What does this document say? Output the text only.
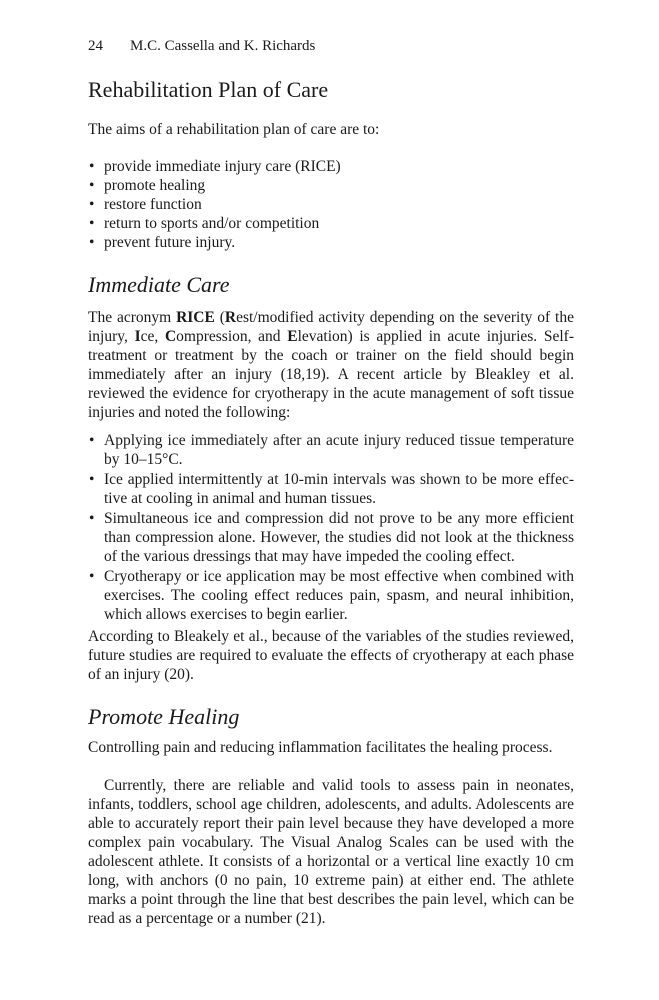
24 M.C. Cassella and K. Richards
Rehabilitation Plan of Care

The aims of a rehabilitation plan of care are to:

• provide immediate injury care (RICE)
• promote healing
• restore function
• return to sports and/or competition
• prevent future injury.
Immediate Care

The acronym RICE (Rest/modified activity depending on the severity of the injury, Ice, Compression, and Elevation) is applied in acute injuries. Self-treatment or treatment by the coach or trainer on the field should begin immediately after an injury (18,19). A recent article by Bleakley et al. reviewed the evidence for cryotherapy in the acute management of soft tissue injuries and noted the following:

• Applying ice immediately after an acute injury reduced tissue temperature by 10–15°C.
• Ice applied intermittently at 10-min intervals was shown to be more effective at cooling in animal and human tissues.
• Simultaneous ice and compression did not prove to be any more efficient than compression alone. However, the studies did not look at the thickness of the various dressings that may have impeded the cooling effect.
• Cryotherapy or ice application may be most effective when combined with exercises. The cooling effect reduces pain, spasm, and neural inhibition, which allows exercises to begin earlier.

According to Bleakely et al., because of the variables of the studies reviewed, future studies are required to evaluate the effects of cryotherapy at each phase of an injury (20).

Promote Healing

Controlling pain and reducing inflammation facilitates the healing process.

Currently, there are reliable and valid tools to assess pain in neonates, infants, toddlers, school age children, adolescents, and adults. Adolescents are able to accurately report their pain level because they have developed a more complex pain vocabulary. The Visual Analog Scales can be used with the adolescent athlete. It consists of a horizontal or a vertical line exactly 10 cm long, with anchors (0 no pain, 10 extreme pain) at either end. The athlete marks a point through the line that best describes the pain level, which can be read as a percentage or a number (21).
